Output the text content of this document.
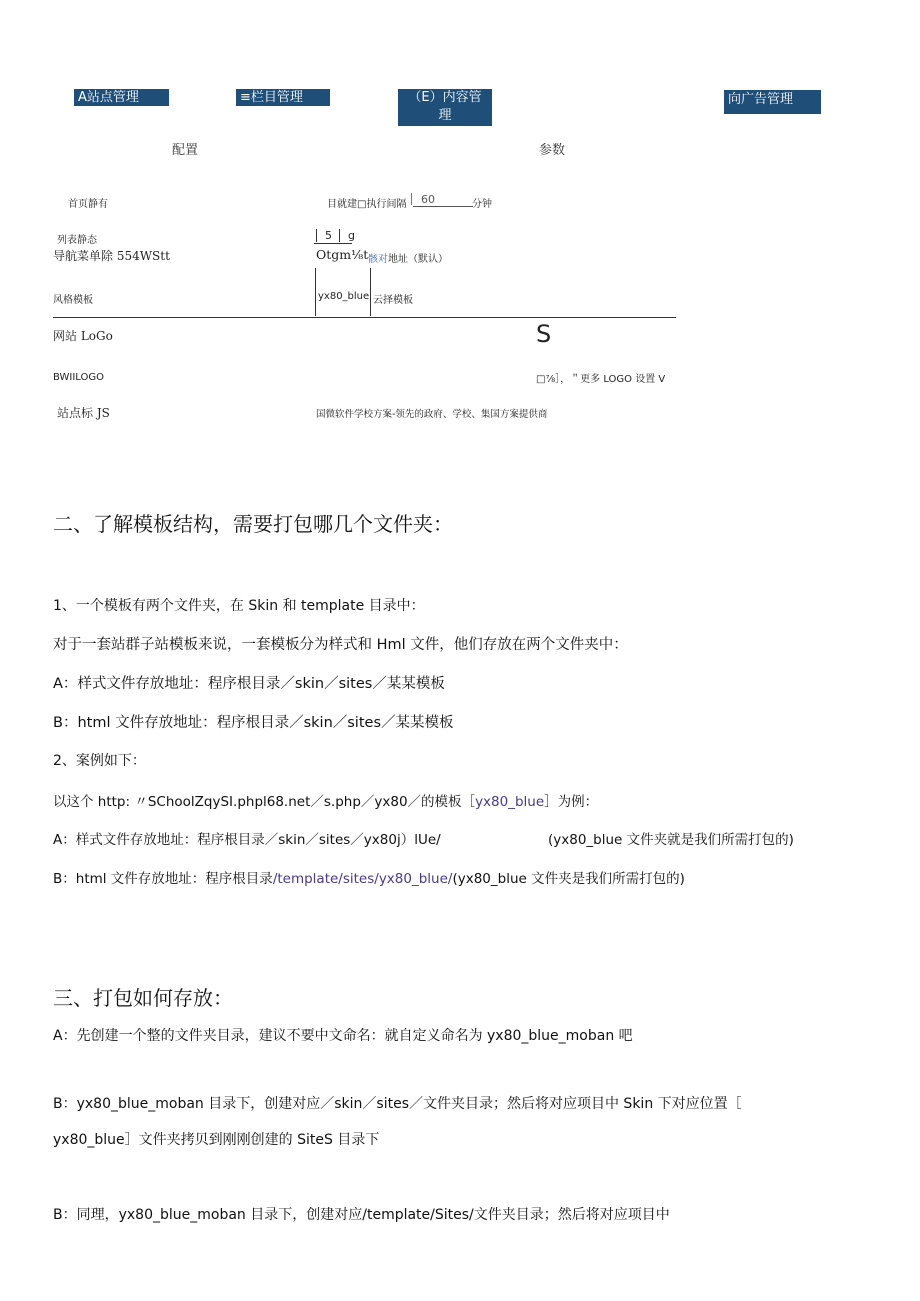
A站点管理	≡栏目管理	（E）内容管
理
向广告管理
配置	参数
首页静有	目就建□执行间隔 60	分钟
列表静态	5 g
导航菜单除 554WStt	Otgm⅛t 骸对 地址（默认）
风格模板	yx80_blue 云择模板
网站 LoGo	S
BWIILOGO	□⅞］，＂更多 LOGO 设置 V
站点标 JS	国微软件学校方案-领先的政府、学校、集国方案提供商
二、了解模板结构，需要打包哪几个文件夹：
1、一个模板有两个文件夹，在 Skin 和 template 目录中：
对于一套站群子站模板来说，一套模板分为样式和 Hml 文件，他们存放在两个文件夹中：
A：样式文件存放地址：程序根目录／skin／sites／某某模板
B：html 文件存放地址：程序根目录／skin／sites／某某模板
2、案例如下：
以这个 http: 〃SChoolZqySI.phpl68.net／s.php／yx80／的模板［yx80_blue］为例：
A：样式文件存放地址：程序根目录／skin／sites／yx80j）lUe/	(yx80_blue 文件夹就是我们所需打包的)
B：html 文件存放地址：程序根目录/template/sites/yx80_blue/(yx80_blue 文件夹是我们所需打包的)
三、打包如何存放：
A：先创建一个整的文件夹目录，建议不要中文命名：就自定义命名为 yx80_blue_moban 吧
B：yx80_blue_moban 目录下，创建对应／skin／sites／文件夹目录；然后将对应项目中 Skin 下对应位置［
yx80_blue］文件夹拷贝到刚刚创建的 SiteS 目录下
B：同理，yx80_blue_moban 目录下，创建对应/template/Sites/文件夹目录；然后将对应项目中
